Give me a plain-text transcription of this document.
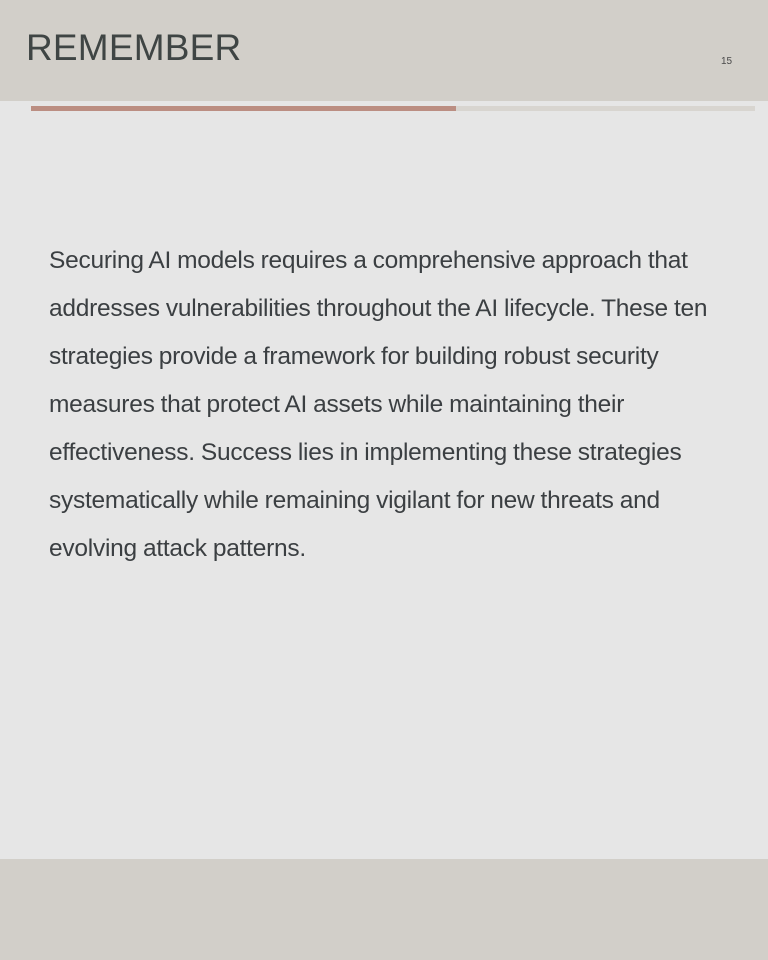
REMEMBER	15

Securing AI models requires a comprehensive approach that addresses vulnerabilities throughout the AI lifecycle. These ten strategies provide a framework for building robust security measures that protect AI assets while maintaining their effectiveness. Success lies in implementing these strategies systematically while remaining vigilant for new threats and evolving attack patterns.
